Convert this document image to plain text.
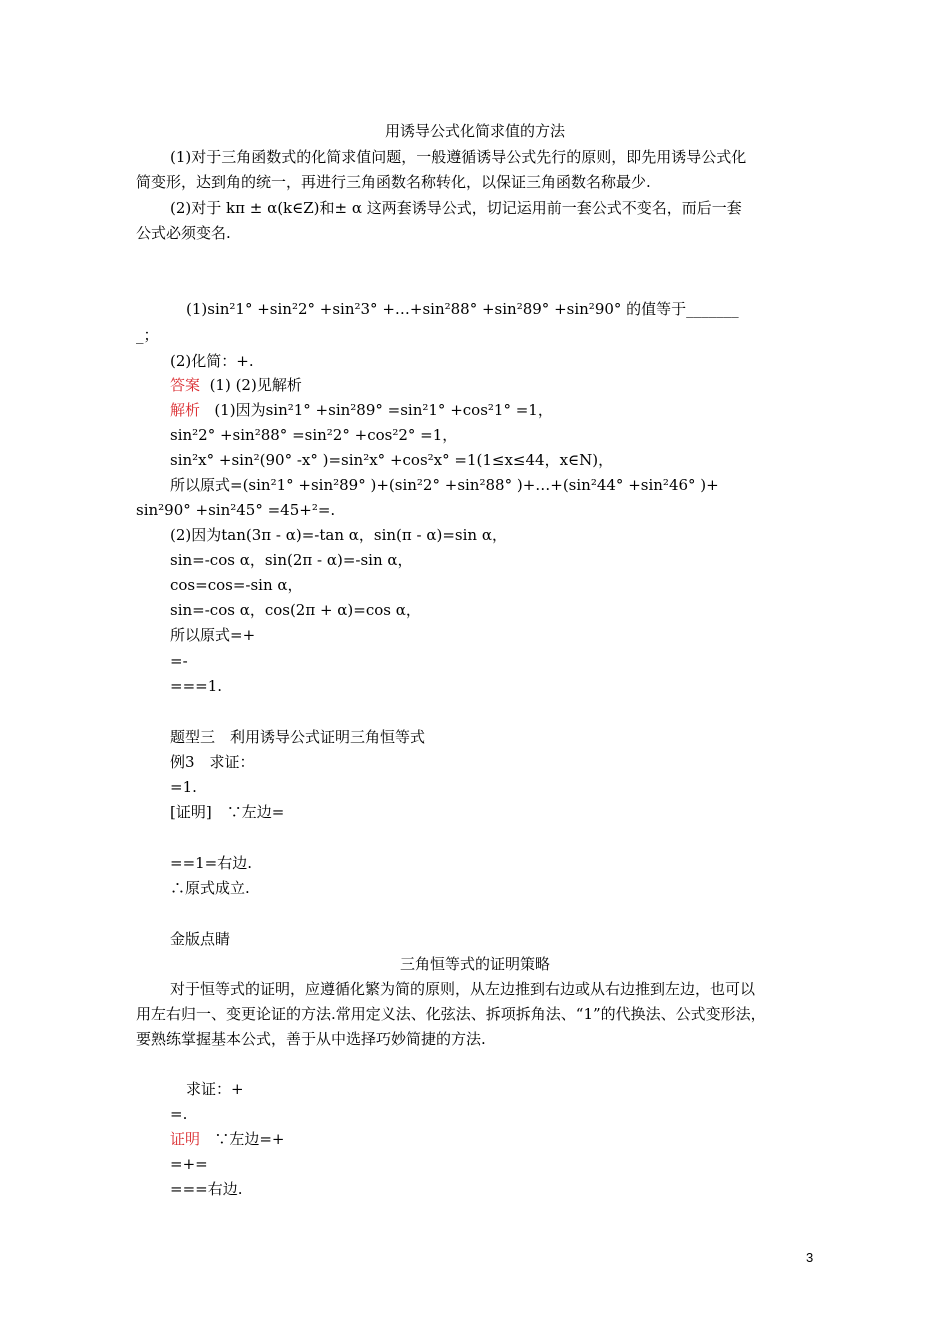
用诱导公式化简求值的方法
(1)对于三角函数式的化简求值问题，一般遵循诱导公式先行的原则，即先用诱导公式化
简变形，达到角的统一，再进行三角函数名称转化，以保证三角函数名称最少.
(2)对于 kπ ± α(k∈Z)和± α 这两套诱导公式，切记运用前一套公式不变名，而后一套
公式必须变名.
(1)sin²1° +sin²2° +sin²3° +…+sin²88° +sin²89° +sin²90° 的值等于_______
_；
(2)化简：+.
答案 (1) (2)见解析
解析 (1)因为sin²1° +sin²89° =sin²1° +cos²1° =1，
sin²2° +sin²88° =sin²2° +cos²2° =1，
sin²x° +sin²(90° -x° )=sin²x° +cos²x° =1(1≤x≤44，x∈N)，
所以原式=(sin²1° +sin²89° )+(sin²2° +sin²88° )+…+(sin²44° +sin²46° )+
sin²90° +sin²45° =45+²=.
(2)因为tan(3π - α)=-tan α，sin(π - α)=sin α，
sin=-cos α，sin(2π - α)=-sin α，
cos=cos=-sin α，
sin=-cos α，cos(2π + α)=cos α，
所以原式=+
=-
===1.
题型三　利用诱导公式证明三角恒等式
例3　求证：
=1.
[证明]　∵左边=
==1=右边.
∴原式成立.
金版点睛
三角恒等式的证明策略
对于恒等式的证明，应遵循化繁为简的原则，从左边推到右边或从右边推到左边，也可以
用左右归一、变更论证的方法.常用定义法、化弦法、拆项拆角法、“1”的代换法、公式变形法，
要熟练掌握基本公式，善于从中选择巧妙简捷的方法.
求证：+
=.
证明 ∵左边=+
=+=
===右边.
3
